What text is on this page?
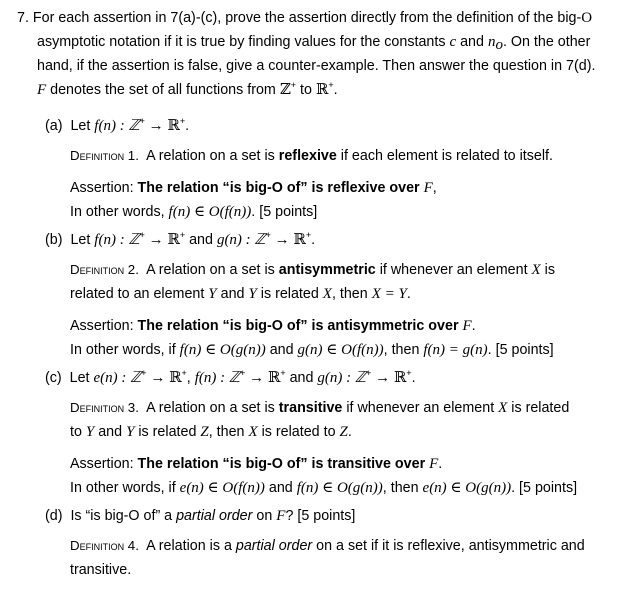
7. For each assertion in 7(a)-(c), prove the assertion directly from the definition of the big-O
asymptotic notation if it is true by finding values for the constants c and $n_o$. On the other
hand, if the assertion is false, give a counter-example. Then answer the question in 7(d).
F denotes the set of all functions from ℤ+ to ℝ+.
(a) Let f(n) : ℤ+ → ℝ+.
Definition 1. A relation on a set is reflexive if each element is related to itself.
Assertion: The relation “is big-O of” is reflexive over F,
In other words, f(n) ∈ O(f(n)). [5 points]
(b) Let f(n) : ℤ+ → ℝ+ and g(n) : ℤ+ → ℝ+.
Definition 2. A relation on a set is antisymmetric if whenever an element X is
related to an element Y and Y is related X, then X = Y.
Assertion: The relation “is big-O of” is antisymmetric over F.
In other words, if f(n) ∈ O(g(n)) and g(n) ∈ O(f(n)), then f(n) = g(n). [5 points]
(c) Let e(n) : ℤ+ → ℝ+, f(n) : ℤ+ → ℝ+ and g(n) : ℤ+ → ℝ+.
Definition 3. A relation on a set is transitive if whenever an element X is related
to Y and Y is related Z, then X is related to Z.
Assertion: The relation “is big-O of” is transitive over F.
In other words, if e(n) ∈ O(f(n)) and f(n) ∈ O(g(n)), then e(n) ∈ O(g(n)). [5 points]
(d) Is “is big-O of” a partial order on F? [5 points]
Definition 4. A relation is a partial order on a set if it is reflexive, antisymmetric and
transitive.
